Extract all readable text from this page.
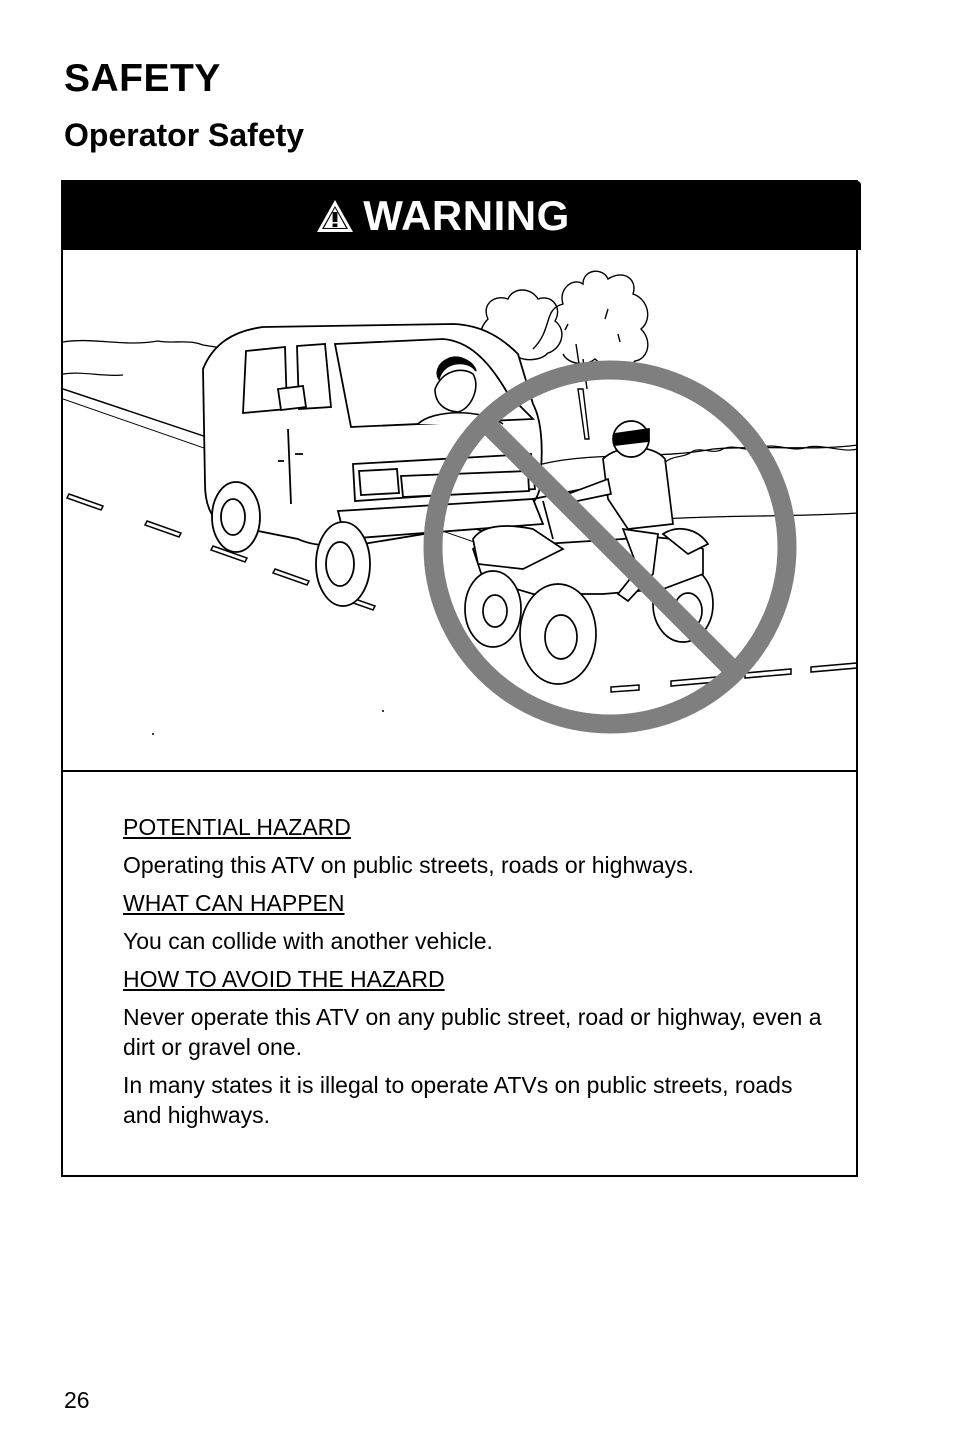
SAFETY
Operator Safety
WARNING

POTENTIAL HAZARD

Operating this ATV on public streets, roads or highways.

WHAT CAN HAPPEN

You can collide with another vehicle.

HOW TO AVOID THE HAZARD

Never operate this ATV on any public street, road or highway, even a dirt or gravel one.

In many states it is illegal to operate ATVs on public streets, roads and highways.

26
